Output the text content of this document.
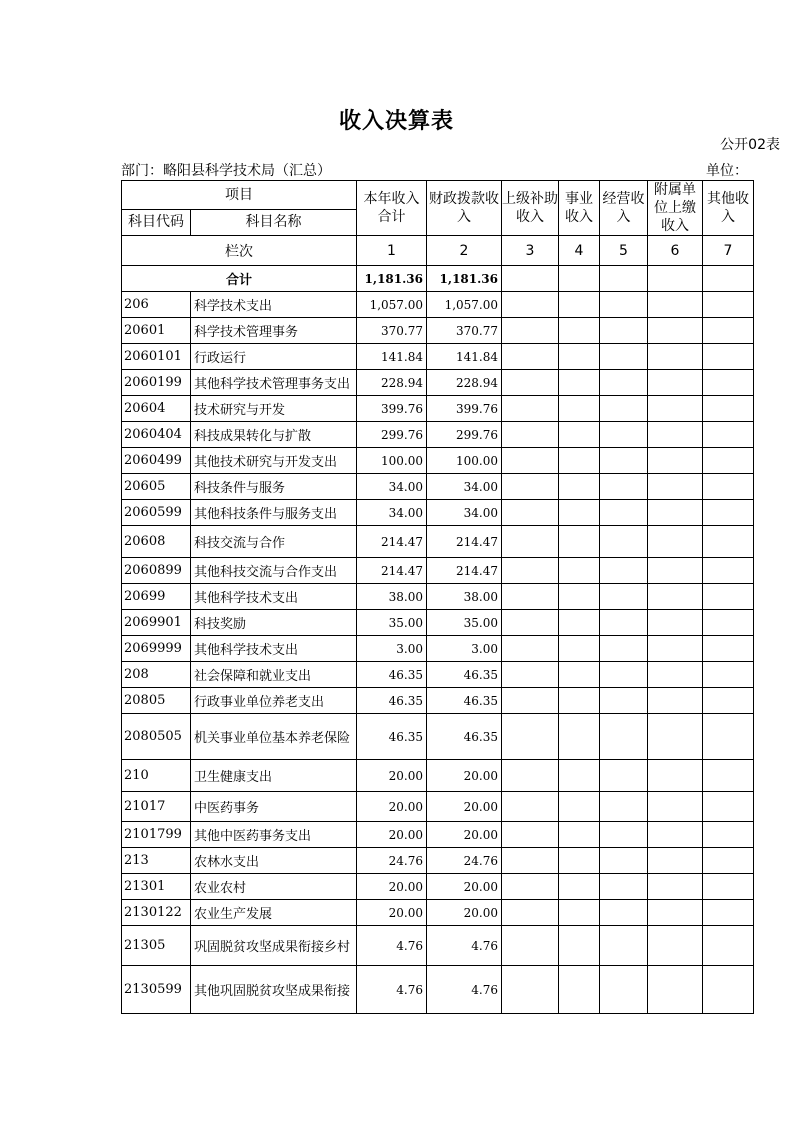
收入决算表
公开02表
部门：略阳县科学技术局（汇总）	单位：
项目		本年收入合计	财政拨款收入	上级补助收入	事业收入	经营收入	附属单位上缴收入	其他收入
科目代码	科目名称							
栏次		1	2	3	4	5	6	7
合计		1,181.36	1,181.36					
206	科学技术支出	1,057.00	1,057.00					
20601	科学技术管理事务	370.77	370.77					
2060101	行政运行	141.84	141.84					
2060199	其他科学技术管理事务支出	228.94	228.94					
20604	技术研究与开发	399.76	399.76					
2060404	科技成果转化与扩散	299.76	299.76					
2060499	其他技术研究与开发支出	100.00	100.00					
20605	科技条件与服务	34.00	34.00					
2060599	其他科技条件与服务支出	34.00	34.00					
20608	科技交流与合作	214.47	214.47					
2060899	其他科技交流与合作支出	214.47	214.47					
20699	其他科学技术支出	38.00	38.00					
2069901	科技奖励	35.00	35.00					
2069999	其他科学技术支出	3.00	3.00					
208	社会保障和就业支出	46.35	46.35					
20805	行政事业单位养老支出	46.35	46.35					
2080505	机关事业单位基本养老保险	46.35	46.35					
210	卫生健康支出	20.00	20.00					
21017	中医药事务	20.00	20.00					
2101799	其他中医药事务支出	20.00	20.00					
213	农林水支出	24.76	24.76					
21301	农业农村	20.00	20.00					
2130122	农业生产发展	20.00	20.00					
21305	巩固脱贫攻坚成果衔接乡村	4.76	4.76					
2130599	其他巩固脱贫攻坚成果衔接	4.76	4.76					
